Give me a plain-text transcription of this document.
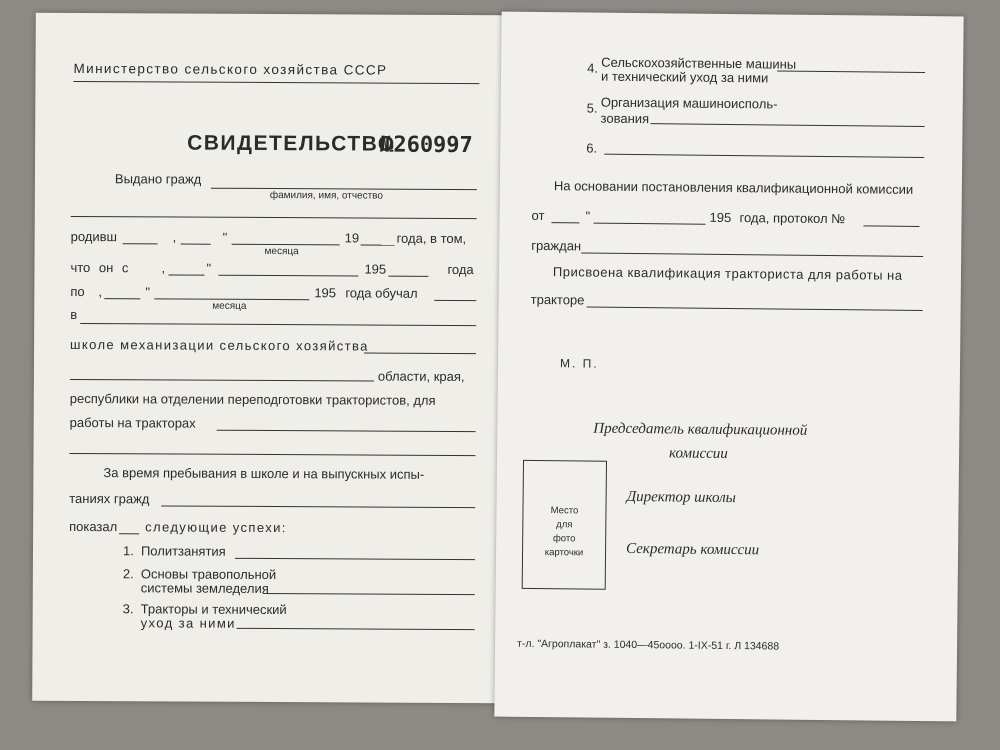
Министерство сельского хозяйства СССР
СВИДЕТЕЛЬСТВО
№260997
Выдано гражд
фамилия, имя, отчество
родивш	,	"
месяца
19	года, в том,
что он с	,	"	195	года
по ,	"
месяца
195 года обучал
в
школе механизации сельского хозяйства
области, края,
республики на отделении переподготовки трактористов, для
работы на тракторах
За время пребывания в школе и на выпускных испы-
таниях гражд
показал следующие успехи:
1. Политзанятия
2. Основы травопольной
системы земледелия
3. Тракторы и технический
уход за ними
4. Сельскохозяйственные машины
и технический уход за ними
5. Организация машиноисполь-
зования
6.
На основании постановления квалификационной комиссии
от	"	195 года, протокол №
граждан
Присвоена квалификация тракториста для работы на
тракторе
М. П.
Председатель квалификационной
комиссии
Место
для
фото
карточки
Директор школы
Секретарь комиссии
т-л. "Агроплакат" з. 1040—45оооо. 1-IX-51 г. Л 134688
